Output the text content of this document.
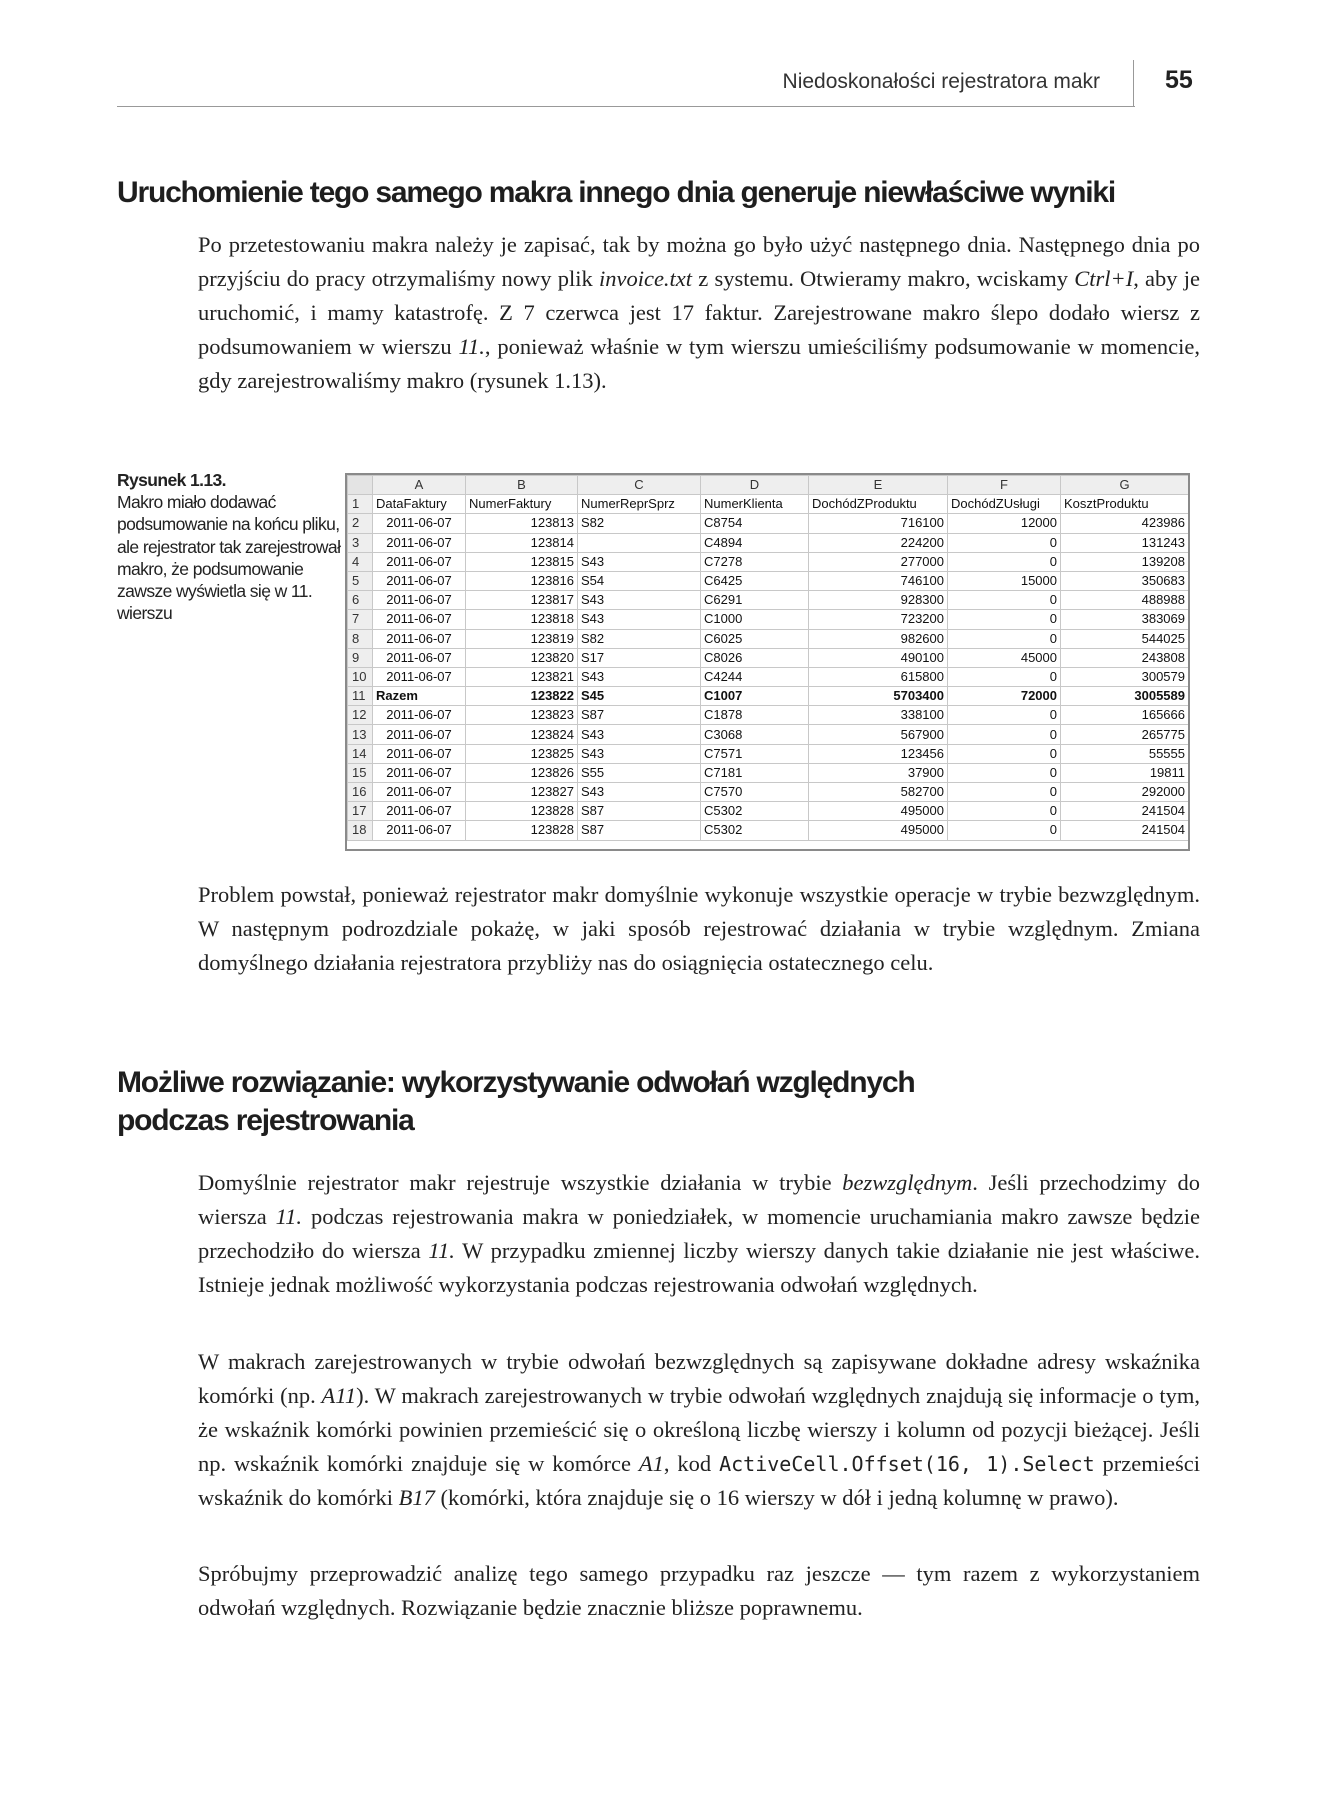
Niedoskonałości rejestratora makr	55
Uruchomienie tego samego makra innego dnia generuje niewłaściwe wyniki

Po przetestowaniu makra należy je zapisać, tak by można go było użyć następnego dnia. Następnego dnia po przyjściu do pracy otrzymaliśmy nowy plik invoice.txt z systemu. Otwieramy makro, wciskamy Ctrl+I, aby je uruchomić, i mamy katastrofę. Z 7 czerwca jest 17 faktur. Zarejestrowane makro ślepo dodało wiersz z podsumowaniem w wierszu 11., ponieważ właśnie w tym wierszu umieściliśmy podsumowanie w momencie, gdy zarejestrowaliśmy makro (rysunek 1.13).

Rysunek 1.13.
Makro miało dodawać podsumowanie na końcu pliku, ale rejestrator tak zarejestrował makro, że podsumowanie zawsze wyświetla się w 11. wierszu
	A	B	C	D	E	F	G
1	DataFaktury	NumerFaktury	NumerReprSprz	NumerKlienta	DochódZProduktu	DochódZUsługi	KosztProduktu
2	2011-06-07	123813	S82	C8754	716100	12000	423986
3	2011-06-07	123814		C4894	224200	0	131243
4	2011-06-07	123815	S43	C7278	277000	0	139208
5	2011-06-07	123816	S54	C6425	746100	15000	350683
6	2011-06-07	123817	S43	C6291	928300	0	488988
7	2011-06-07	123818	S43	C1000	723200	0	383069
8	2011-06-07	123819	S82	C6025	982600	0	544025
9	2011-06-07	123820	S17	C8026	490100	45000	243808
10	2011-06-07	123821	S43	C4244	615800	0	300579
11	Razem	123822	S45	C1007	5703400	72000	3005589
12	2011-06-07	123823	S87	C1878	338100	0	165666
13	2011-06-07	123824	S43	C3068	567900	0	265775
14	2011-06-07	123825	S43	C7571	123456	0	55555
15	2011-06-07	123826	S55	C7181	37900	0	19811
16	2011-06-07	123827	S43	C7570	582700	0	292000
17	2011-06-07	123828	S87	C5302	495000	0	241504
18	2011-06-07	123828	S87	C5302	495000	0	241504

Problem powstał, ponieważ rejestrator makr domyślnie wykonuje wszystkie operacje w trybie bezwzględnym. W następnym podrozdziale pokażę, w jaki sposób rejestrować działania w trybie względnym. Zmiana domyślnego działania rejestratora przybliży nas do osiągnięcia ostatecznego celu.

Możliwe rozwiązanie: wykorzystywanie odwołań względnych
podczas rejestrowania

Domyślnie rejestrator makr rejestruje wszystkie działania w trybie bezwzględnym. Jeśli przechodzimy do wiersza 11. podczas rejestrowania makra w poniedziałek, w momencie uruchamiania makro zawsze będzie przechodziło do wiersza 11. W przypadku zmiennej liczby wierszy danych takie działanie nie jest właściwe. Istnieje jednak możliwość wykorzystania podczas rejestrowania odwołań względnych.

W makrach zarejestrowanych w trybie odwołań bezwzględnych są zapisywane dokładne adresy wskaźnika komórki (np. A11). W makrach zarejestrowanych w trybie odwołań względnych znajdują się informacje o tym, że wskaźnik komórki powinien przemieścić się o określoną liczbę wierszy i kolumn od pozycji bieżącej. Jeśli np. wskaźnik komórki znajduje się w komórce A1, kod ActiveCell.Offset(16, 1).Select przemieści wskaźnik do komórki B17 (komórki, która znajduje się o 16 wierszy w dół i jedną kolumnę w prawo).

Spróbujmy przeprowadzić analizę tego samego przypadku raz jeszcze — tym razem z wykorzystaniem odwołań względnych. Rozwiązanie będzie znacznie bliższe poprawnemu.
